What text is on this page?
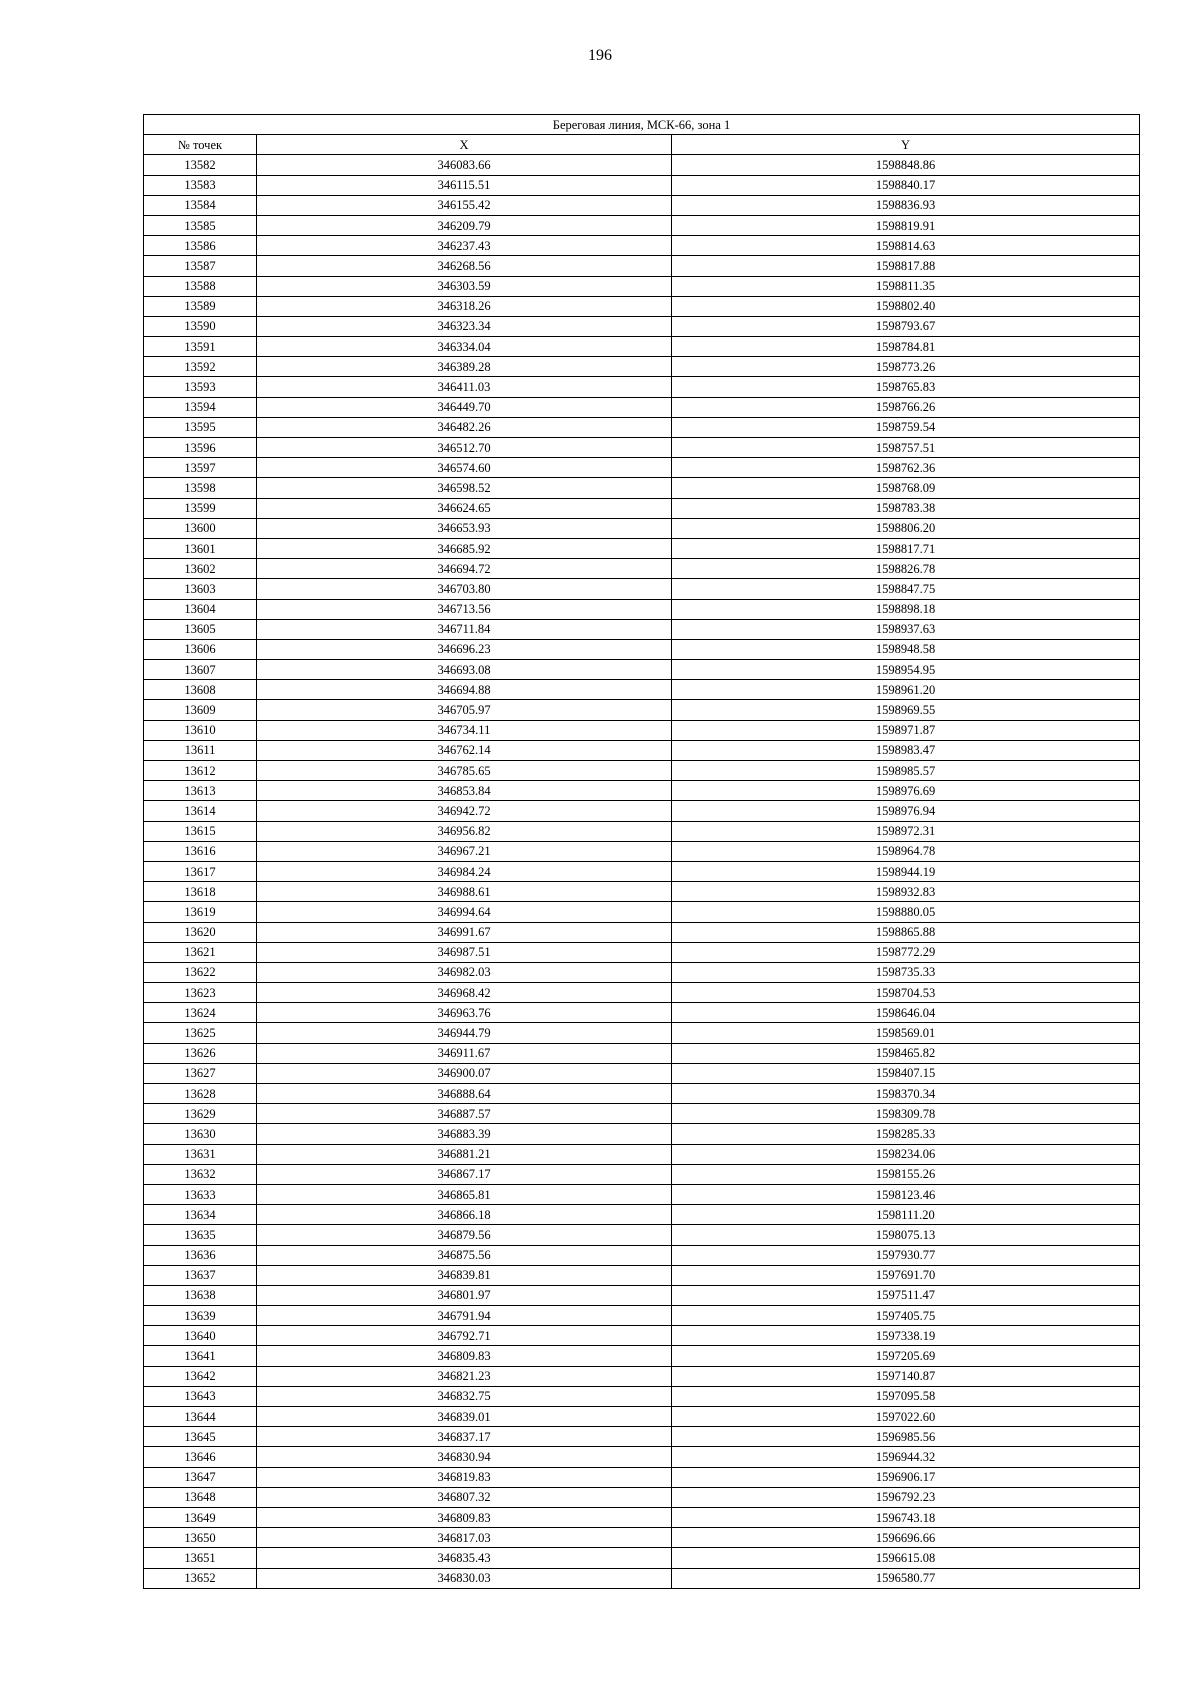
196
Береговая линия, МСК-66, зона 1		
№ точек	X	Y
13582	346083.66	1598848.86
13583	346115.51	1598840.17
13584	346155.42	1598836.93
13585	346209.79	1598819.91
13586	346237.43	1598814.63
13587	346268.56	1598817.88
13588	346303.59	1598811.35
13589	346318.26	1598802.40
13590	346323.34	1598793.67
13591	346334.04	1598784.81
13592	346389.28	1598773.26
13593	346411.03	1598765.83
13594	346449.70	1598766.26
13595	346482.26	1598759.54
13596	346512.70	1598757.51
13597	346574.60	1598762.36
13598	346598.52	1598768.09
13599	346624.65	1598783.38
13600	346653.93	1598806.20
13601	346685.92	1598817.71
13602	346694.72	1598826.78
13603	346703.80	1598847.75
13604	346713.56	1598898.18
13605	346711.84	1598937.63
13606	346696.23	1598948.58
13607	346693.08	1598954.95
13608	346694.88	1598961.20
13609	346705.97	1598969.55
13610	346734.11	1598971.87
13611	346762.14	1598983.47
13612	346785.65	1598985.57
13613	346853.84	1598976.69
13614	346942.72	1598976.94
13615	346956.82	1598972.31
13616	346967.21	1598964.78
13617	346984.24	1598944.19
13618	346988.61	1598932.83
13619	346994.64	1598880.05
13620	346991.67	1598865.88
13621	346987.51	1598772.29
13622	346982.03	1598735.33
13623	346968.42	1598704.53
13624	346963.76	1598646.04
13625	346944.79	1598569.01
13626	346911.67	1598465.82
13627	346900.07	1598407.15
13628	346888.64	1598370.34
13629	346887.57	1598309.78
13630	346883.39	1598285.33
13631	346881.21	1598234.06
13632	346867.17	1598155.26
13633	346865.81	1598123.46
13634	346866.18	1598111.20
13635	346879.56	1598075.13
13636	346875.56	1597930.77
13637	346839.81	1597691.70
13638	346801.97	1597511.47
13639	346791.94	1597405.75
13640	346792.71	1597338.19
13641	346809.83	1597205.69
13642	346821.23	1597140.87
13643	346832.75	1597095.58
13644	346839.01	1597022.60
13645	346837.17	1596985.56
13646	346830.94	1596944.32
13647	346819.83	1596906.17
13648	346807.32	1596792.23
13649	346809.83	1596743.18
13650	346817.03	1596696.66
13651	346835.43	1596615.08
13652	346830.03	1596580.77
